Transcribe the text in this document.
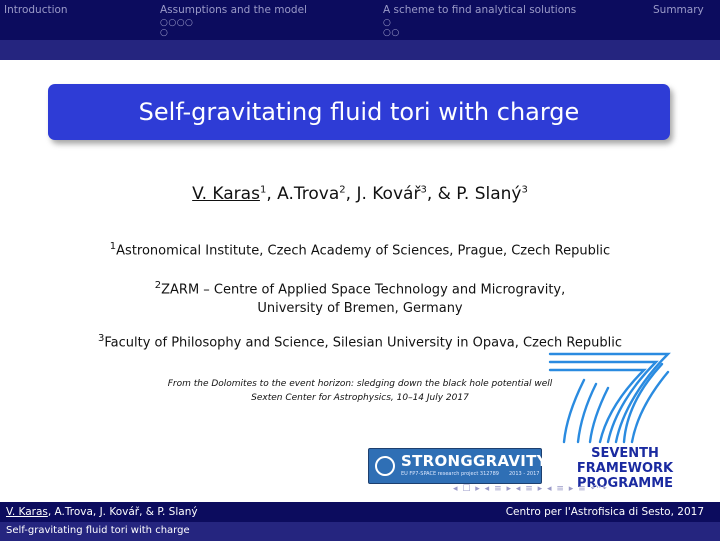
Introduction	Assumptions and the model
○○○○
○
A scheme to find analytical solutions
○
○○
Summary
Self-gravitating fluid tori with charge
V. Karas$^1$, A.Trova$^2$, J. Kovář$^3$, & P. Slaný$^3$
$^1$Astronomical Institute, Czech Academy of Sciences, Prague, Czech Republic
$^2$ZARM – Centre of Applied Space Technology and Microgravity,
University of Bremen, Germany
$^3$Faculty of Philosophy and Science, Silesian University in Opava, Czech Republic
From the Dolomites to the event horizon: sledging down the black hole potential well
Sexten Center for Astrophysics, 10–14 July 2017
SEVENTH FRAMEWORK
PROGRAMME
STRONGGRAVITY
EU FP7-SPACE research project 312789 2013 - 2017
◂ ☐ ▸ ◂ ≡ ▸ ◂ ≡ ▸ ◂ ≡ ▸ ≡ ↶↷
V. Karas, A.Trova, J. Kovář, & P. Slaný	Centro per l'Astrofisica di Sesto, 2017
Self-gravitating fluid tori with charge
